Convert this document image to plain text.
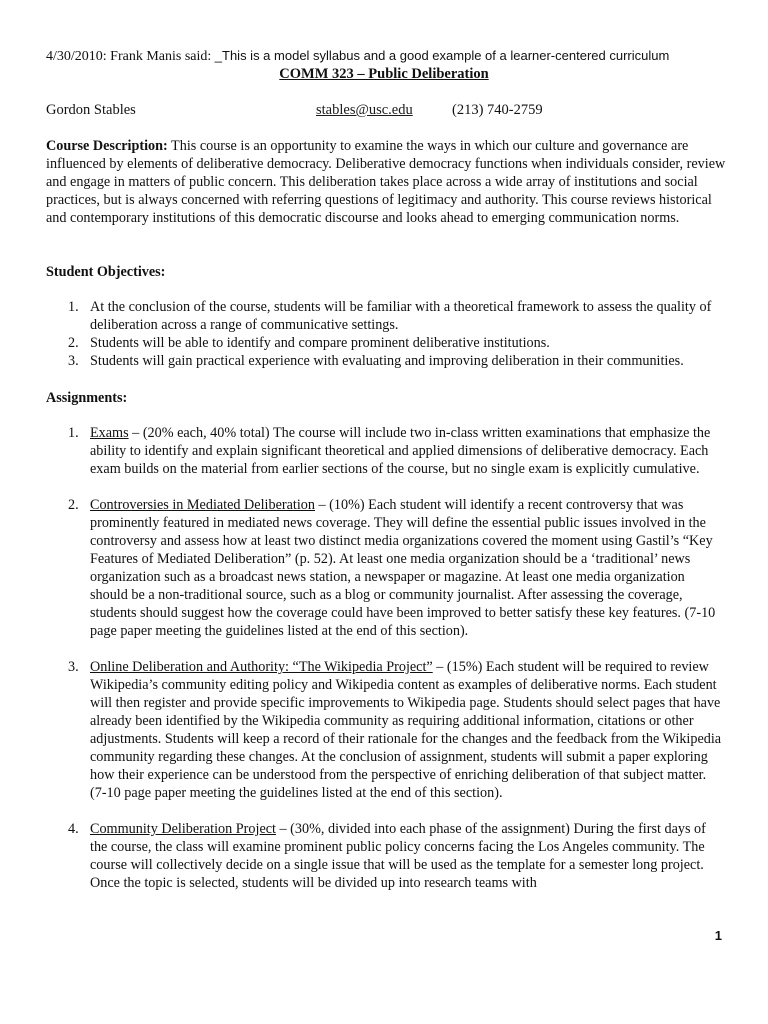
4/30/2010: Frank Manis said: _This is a model syllabus and a good example of a learner-centered curriculum
COMM 323 – Public Deliberation
Gordon Stables	stables@usc.edu	(213) 740-2759
Course Description: This course is an opportunity to examine the ways in which our culture and governance are influenced by elements of deliberative democracy. Deliberative democracy functions when individuals consider, review and engage in matters of public concern. This deliberation takes place across a wide array of institutions and social practices, but is always concerned with referring questions of legitimacy and authority. This course reviews historical and contemporary institutions of this democratic discourse and looks ahead to emerging communication norms.
Student Objectives:
1. At the conclusion of the course, students will be familiar with a theoretical framework to assess the quality of deliberation across a range of communicative settings.
2. Students will be able to identify and compare prominent deliberative institutions.
3. Students will gain practical experience with evaluating and improving deliberation in their communities.
Assignments:
1. Exams – (20% each, 40% total) The course will include two in-class written examinations that emphasize the ability to identify and explain significant theoretical and applied dimensions of deliberative democracy. Each exam builds on the material from earlier sections of the course, but no single exam is explicitly cumulative.
2. Controversies in Mediated Deliberation – (10%) Each student will identify a recent controversy that was prominently featured in mediated news coverage. They will define the essential public issues involved in the controversy and assess how at least two distinct media organizations covered the moment using Gastil’s “Key Features of Mediated Deliberation” (p. 52). At least one media organization should be a ‘traditional’ news organization such as a broadcast news station, a newspaper or magazine. At least one media organization should be a non-traditional source, such as a blog or community journalist. After assessing the coverage, students should suggest how the coverage could have been improved to better satisfy these key features. (7-10 page paper meeting the guidelines listed at the end of this section).
3. Online Deliberation and Authority: “The Wikipedia Project” – (15%) Each student will be required to review Wikipedia’s community editing policy and Wikipedia content as examples of deliberative norms. Each student will then register and provide specific improvements to Wikipedia page. Students should select pages that have already been identified by the Wikipedia community as requiring additional information, citations or other adjustments. Students will keep a record of their rationale for the changes and the feedback from the Wikipedia community regarding these changes. At the conclusion of assignment, students will submit a paper exploring how their experience can be understood from the perspective of enriching deliberation of that subject matter. (7-10 page paper meeting the guidelines listed at the end of this section).
4. Community Deliberation Project – (30%, divided into each phase of the assignment) During the first days of the course, the class will examine prominent public policy concerns facing the Los Angeles community. The course will collectively decide on a single issue that will be used as the template for a semester long project. Once the topic is selected, students will be divided up into research teams with
1
